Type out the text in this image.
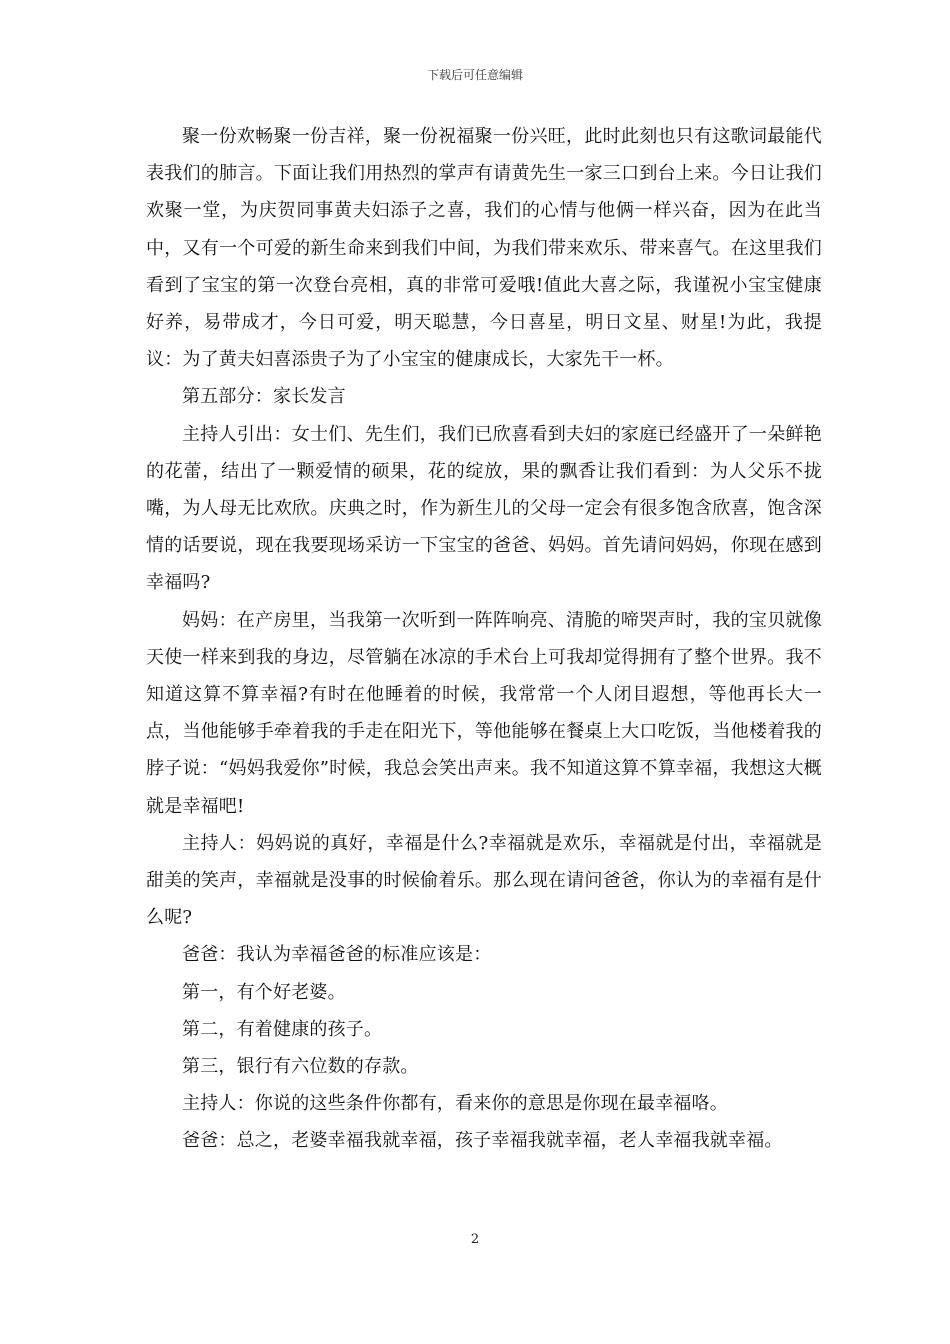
下载后可任意编辑

聚一份欢畅聚一份吉祥，聚一份祝福聚一份兴旺，此时此刻也只有这歌词最能代表我们的肺言。下面让我们用热烈的掌声有请黄先生一家三口到台上来。今日让我们欢聚一堂，为庆贺同事黄夫妇添子之喜，我们的心情与他俩一样兴奋，因为在此当中，又有一个可爱的新生命来到我们中间，为我们带来欢乐、带来喜气。在这里我们看到了宝宝的第一次登台亮相，真的非常可爱哦!值此大喜之际，我谨祝小宝宝健康好养，易带成才，今日可爱，明天聪慧，今日喜星，明日文星、财星!为此，我提议：为了黄夫妇喜添贵子为了小宝宝的健康成长，大家先干一杯。

第五部分：家长发言

主持人引出：女士们、先生们，我们已欣喜看到夫妇的家庭已经盛开了一朵鲜艳的花蕾，结出了一颗爱情的硕果，花的绽放，果的飘香让我们看到：为人父乐不拢嘴，为人母无比欢欣。庆典之时，作为新生儿的父母一定会有很多饱含欣喜，饱含深情的话要说，现在我要现场采访一下宝宝的爸爸、妈妈。首先请问妈妈，你现在感到幸福吗?

妈妈：在产房里，当我第一次听到一阵阵响亮、清脆的啼哭声时，我的宝贝就像天使一样来到我的身边，尽管躺在冰凉的手术台上可我却觉得拥有了整个世界。我不知道这算不算幸福?有时在他睡着的时候，我常常一个人闭目遐想，等他再长大一点，当他能够手牵着我的手走在阳光下，等他能够在餐桌上大口吃饭，当他楼着我的脖子说：“妈妈我爱你”时候，我总会笑出声来。我不知道这算不算幸福，我想这大概就是幸福吧!

主持人：妈妈说的真好，幸福是什么?幸福就是欢乐，幸福就是付出，幸福就是甜美的笑声，幸福就是没事的时候偷着乐。那么现在请问爸爸，你认为的幸福有是什么呢?

爸爸：我认为幸福爸爸的标准应该是：

第一，有个好老婆。

第二，有着健康的孩子。

第三，银行有六位数的存款。

主持人：你说的这些条件你都有，看来你的意思是你现在最幸福咯。

爸爸：总之，老婆幸福我就幸福，孩子幸福我就幸福，老人幸福我就幸福。

2
